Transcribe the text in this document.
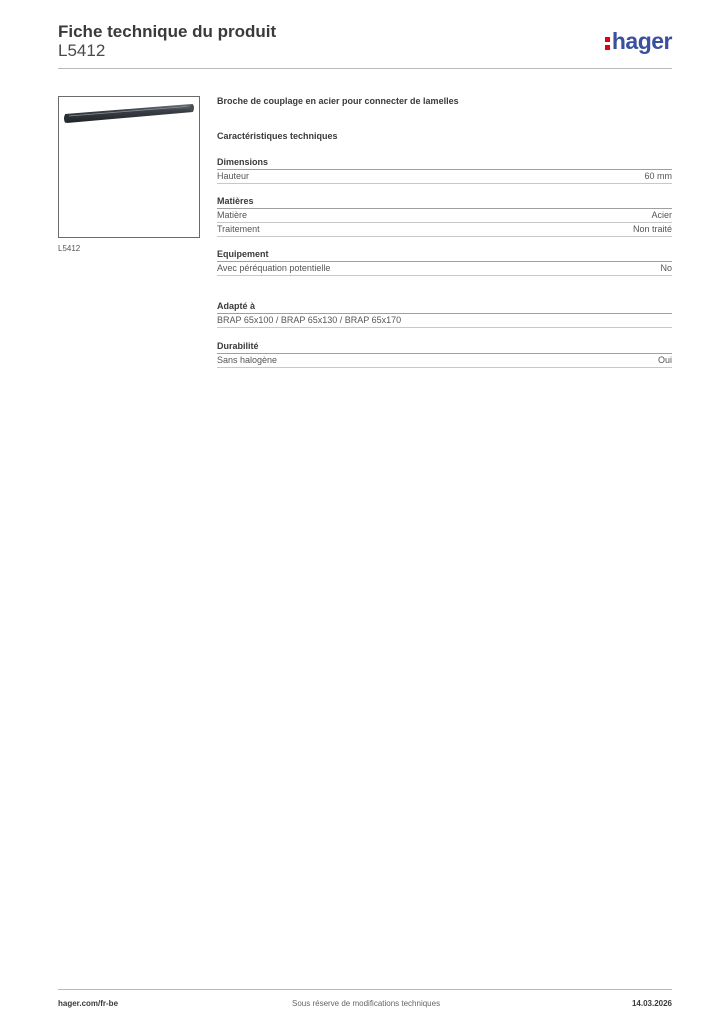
Fiche technique du produit
L5412	hager
L5412
Broche de couplage en acier pour connecter de lamelles
Caractéristiques techniques
Dimensions
Hauteur	60 mm
Matières
Matière	Acier
Traitement	Non traité
Equipement
Avec péréquation potentielle	No
Adapté à
BRAP 65x100 / BRAP 65x130 / BRAP 65x170
Durabilité
Sans halogène	Oui
hager.com/fr-be	Sous réserve de modifications techniques	14.03.2026
